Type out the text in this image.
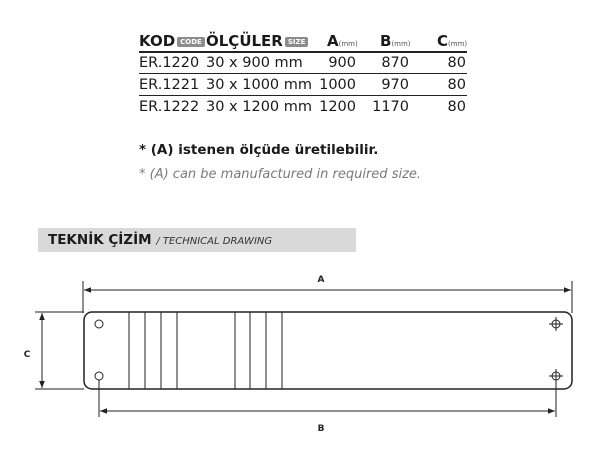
KOD CODE ÖLÇÜLER SIZE A(mm) B(mm) C(mm)
ER.1220 30 x 900 mm	900	870	80
ER.1221 30 x 1000 mm 1000	970	80
ER.1222 30 x 1200 mm 1200 1170	80
* (A) istenen ölçüde üretilebilir.
* (A) can be manufactured in required size.
TEKNİK ÇİZİM / TECHNICAL DRAWING
A
C
B
